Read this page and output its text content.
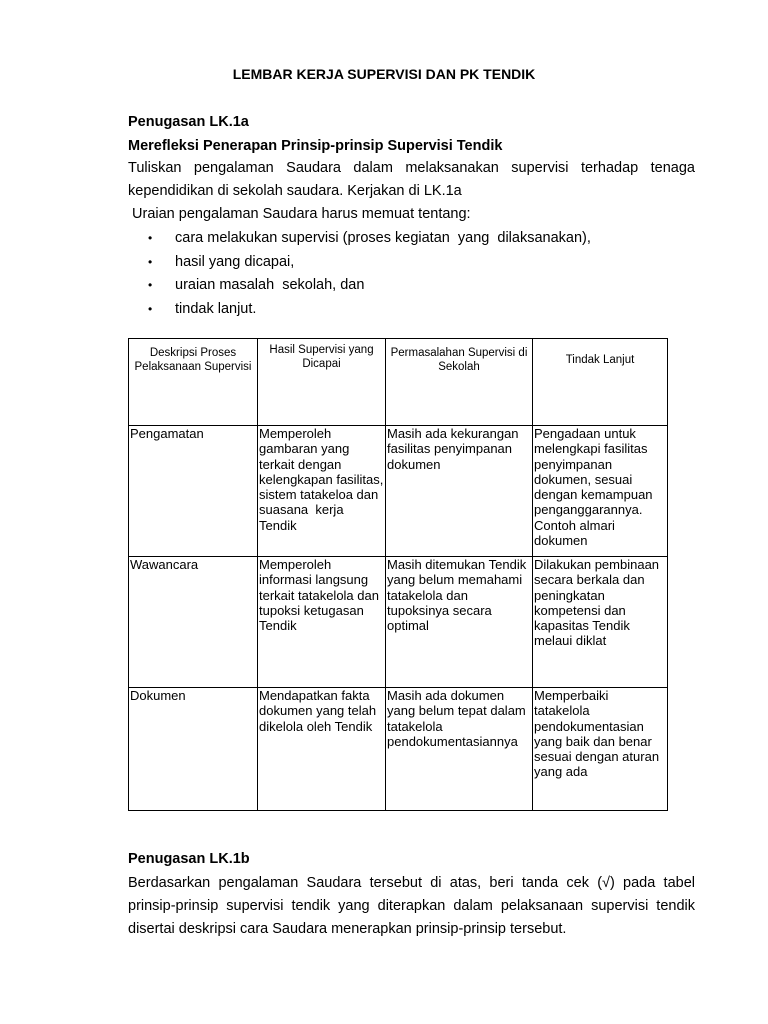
LEMBAR KERJA SUPERVISI DAN PK TENDIK
Penugasan LK.1a
Merefleksi Penerapan Prinsip-prinsip Supervisi Tendik
Tuliskan pengalaman Saudara dalam melaksanakan supervisi terhadap tenaga
kependidikan di sekolah saudara. Kerjakan di LK.1a
Uraian pengalaman Saudara harus memuat tentang:
• cara melakukan supervisi (proses kegiatan  yang  dilaksanakan),
• hasil yang dicapai,
• uraian masalah  sekolah, dan
• tindak lanjut.
Deskripsi Proses Pelaksanaan Supervisi	Hasil Supervisi yang Dicapai	Permasalahan Supervisi di Sekolah	Tindak Lanjut
Pengamatan	Memperoleh gambaran yang terkait dengan kelengkapan fasilitas, sistem tatakeloa dan suasana  kerja Tendik	Masih ada kekurangan fasilitas penyimpanan dokumen	Pengadaan untuk melengkapi fasilitas penyimpanan dokumen, sesuai dengan kemampuan penganggarannya. Contoh almari dokumen
Wawancara	Memperoleh informasi langsung terkait tatakelola dan tupoksi ketugasan Tendik	Masih ditemukan Tendik yang belum memahami tatakelola dan tupoksinya secara optimal	Dilakukan pembinaan secara berkala dan peningkatan kompetensi dan kapasitas Tendik melaui diklat
Dokumen	Mendapatkan fakta dokumen yang telah dikelola oleh Tendik	Masih ada dokumen yang belum tepat dalam tatakelola pendokumentasiannya	Memperbaiki tatakelola pendokumentasian yang baik dan benar sesuai dengan aturan yang ada
Penugasan LK.1b
Berdasarkan pengalaman Saudara tersebut di atas, beri tanda cek (√) pada tabel
prinsip-prinsip supervisi tendik yang diterapkan dalam pelaksanaan supervisi tendik
disertai deskripsi cara Saudara menerapkan prinsip-prinsip tersebut.
